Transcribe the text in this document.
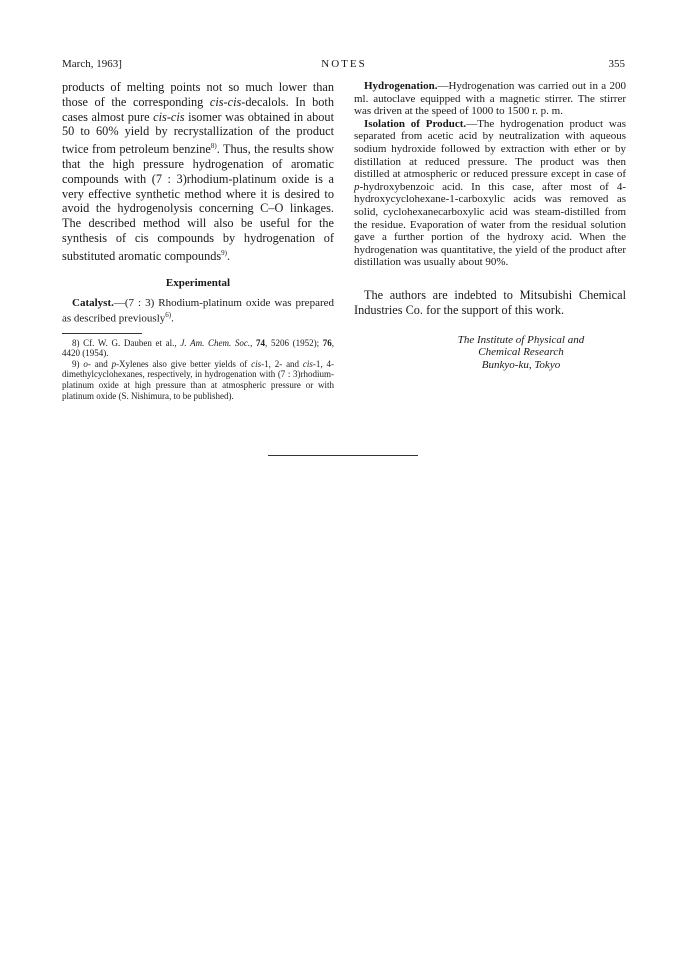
March, 1963]	NOTES	355

products of melting points not so much lower than those of the corresponding cis-cis-decalols. In both cases almost pure cis-cis isomer was obtained in about 50 to 60% yield by recrystallization of the product twice from petroleum benzine$^{8)}$. Thus, the results show that the high pressure hydrogenation of aromatic compounds with (7 : 3)rhodium-platinum oxide is a very effective synthetic method where it is desired to avoid the hydrogenolysis concerning C–O linkages. The described method will also be useful for the synthesis of cis compounds by hydrogenation of substituted aromatic compounds$^{9)}$.

Experimental

Catalyst.—(7 : 3) Rhodium-platinum oxide was prepared as described previously$^{6)}$.

8) Cf. W. G. Dauben et al., J. Am. Chem. Soc., 74, 5206 (1952); 76, 4420 (1954).

9) o- and p-Xylenes also give better yields of cis-1, 2- and cis-1, 4-dimethylcyclohexanes, respectively, in hydrogenation with (7 : 3)rhodium-platinum oxide at high pressure than at atmospheric pressure or with platinum oxide (S. Nishimura, to be published).

Hydrogenation.—Hydrogenation was carried out in a 200 ml. autoclave equipped with a magnetic stirrer. The stirrer was driven at the speed of 1000 to 1500 r. p. m.

Isolation of Product.—The hydrogenation product was separated from acetic acid by neutralization with aqueous sodium hydroxide followed by extraction with ether or by distillation at reduced pressure. The product was then distilled at atmospheric or reduced pressure except in case of p-hydroxybenzoic acid. In this case, after most of 4-hydroxycyclohexane-1-carboxylic acids was removed as solid, cyclohexanecarboxylic acid was steam-distilled from the residue. Evaporation of water from the residual solution gave a further portion of the hydroxy acid. When the hydrogenation was quantitative, the yield of the product after distillation was usually about 90%.

The authors are indebted to Mitsubishi Chemical Industries Co. for the support of this work.

The Institute of Physical and
Chemical Research
Bunkyo-ku, Tokyo
